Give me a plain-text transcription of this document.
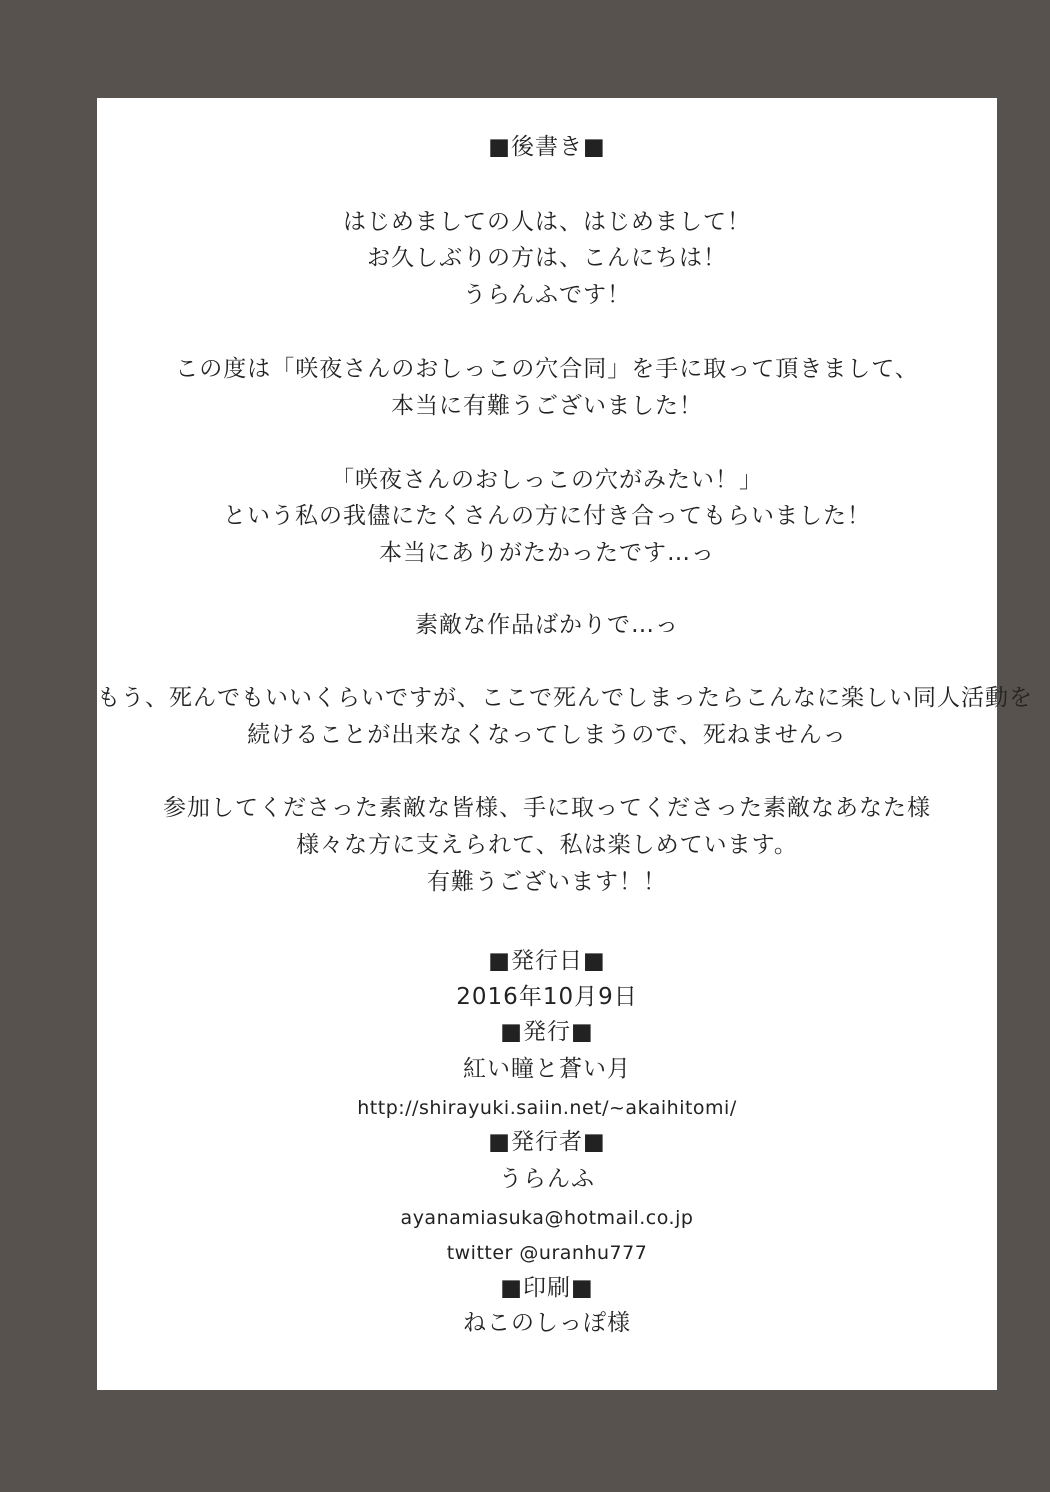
■後書き■
はじめましての人は、はじめまして！
お久しぶりの方は、こんにちは！
うらんふです！
この度は「咲夜さんのおしっこの穴合同」を手に取って頂きまして、
本当に有難うございました！
「咲夜さんのおしっこの穴がみたい！」
という私の我儘にたくさんの方に付き合ってもらいました！
本当にありがたかったです…っ
素敵な作品ばかりで…っ
もう、死んでもいいくらいですが、ここで死んでしまったらこんなに楽しい同人活動を
続けることが出来なくなってしまうので、死ねませんっ
参加してくださった素敵な皆様、手に取ってくださった素敵なあなた様
様々な方に支えられて、私は楽しめています。
有難うございます！！
■発行日■
2016年10月9日
■発行■
紅い瞳と蒼い月
http://shirayuki.saiin.net/~akaihitomi/
■発行者■
うらんふ
ayanamiasuka@hotmail.co.jp
twitter @uranhu777
■印刷■
ねこのしっぽ様
